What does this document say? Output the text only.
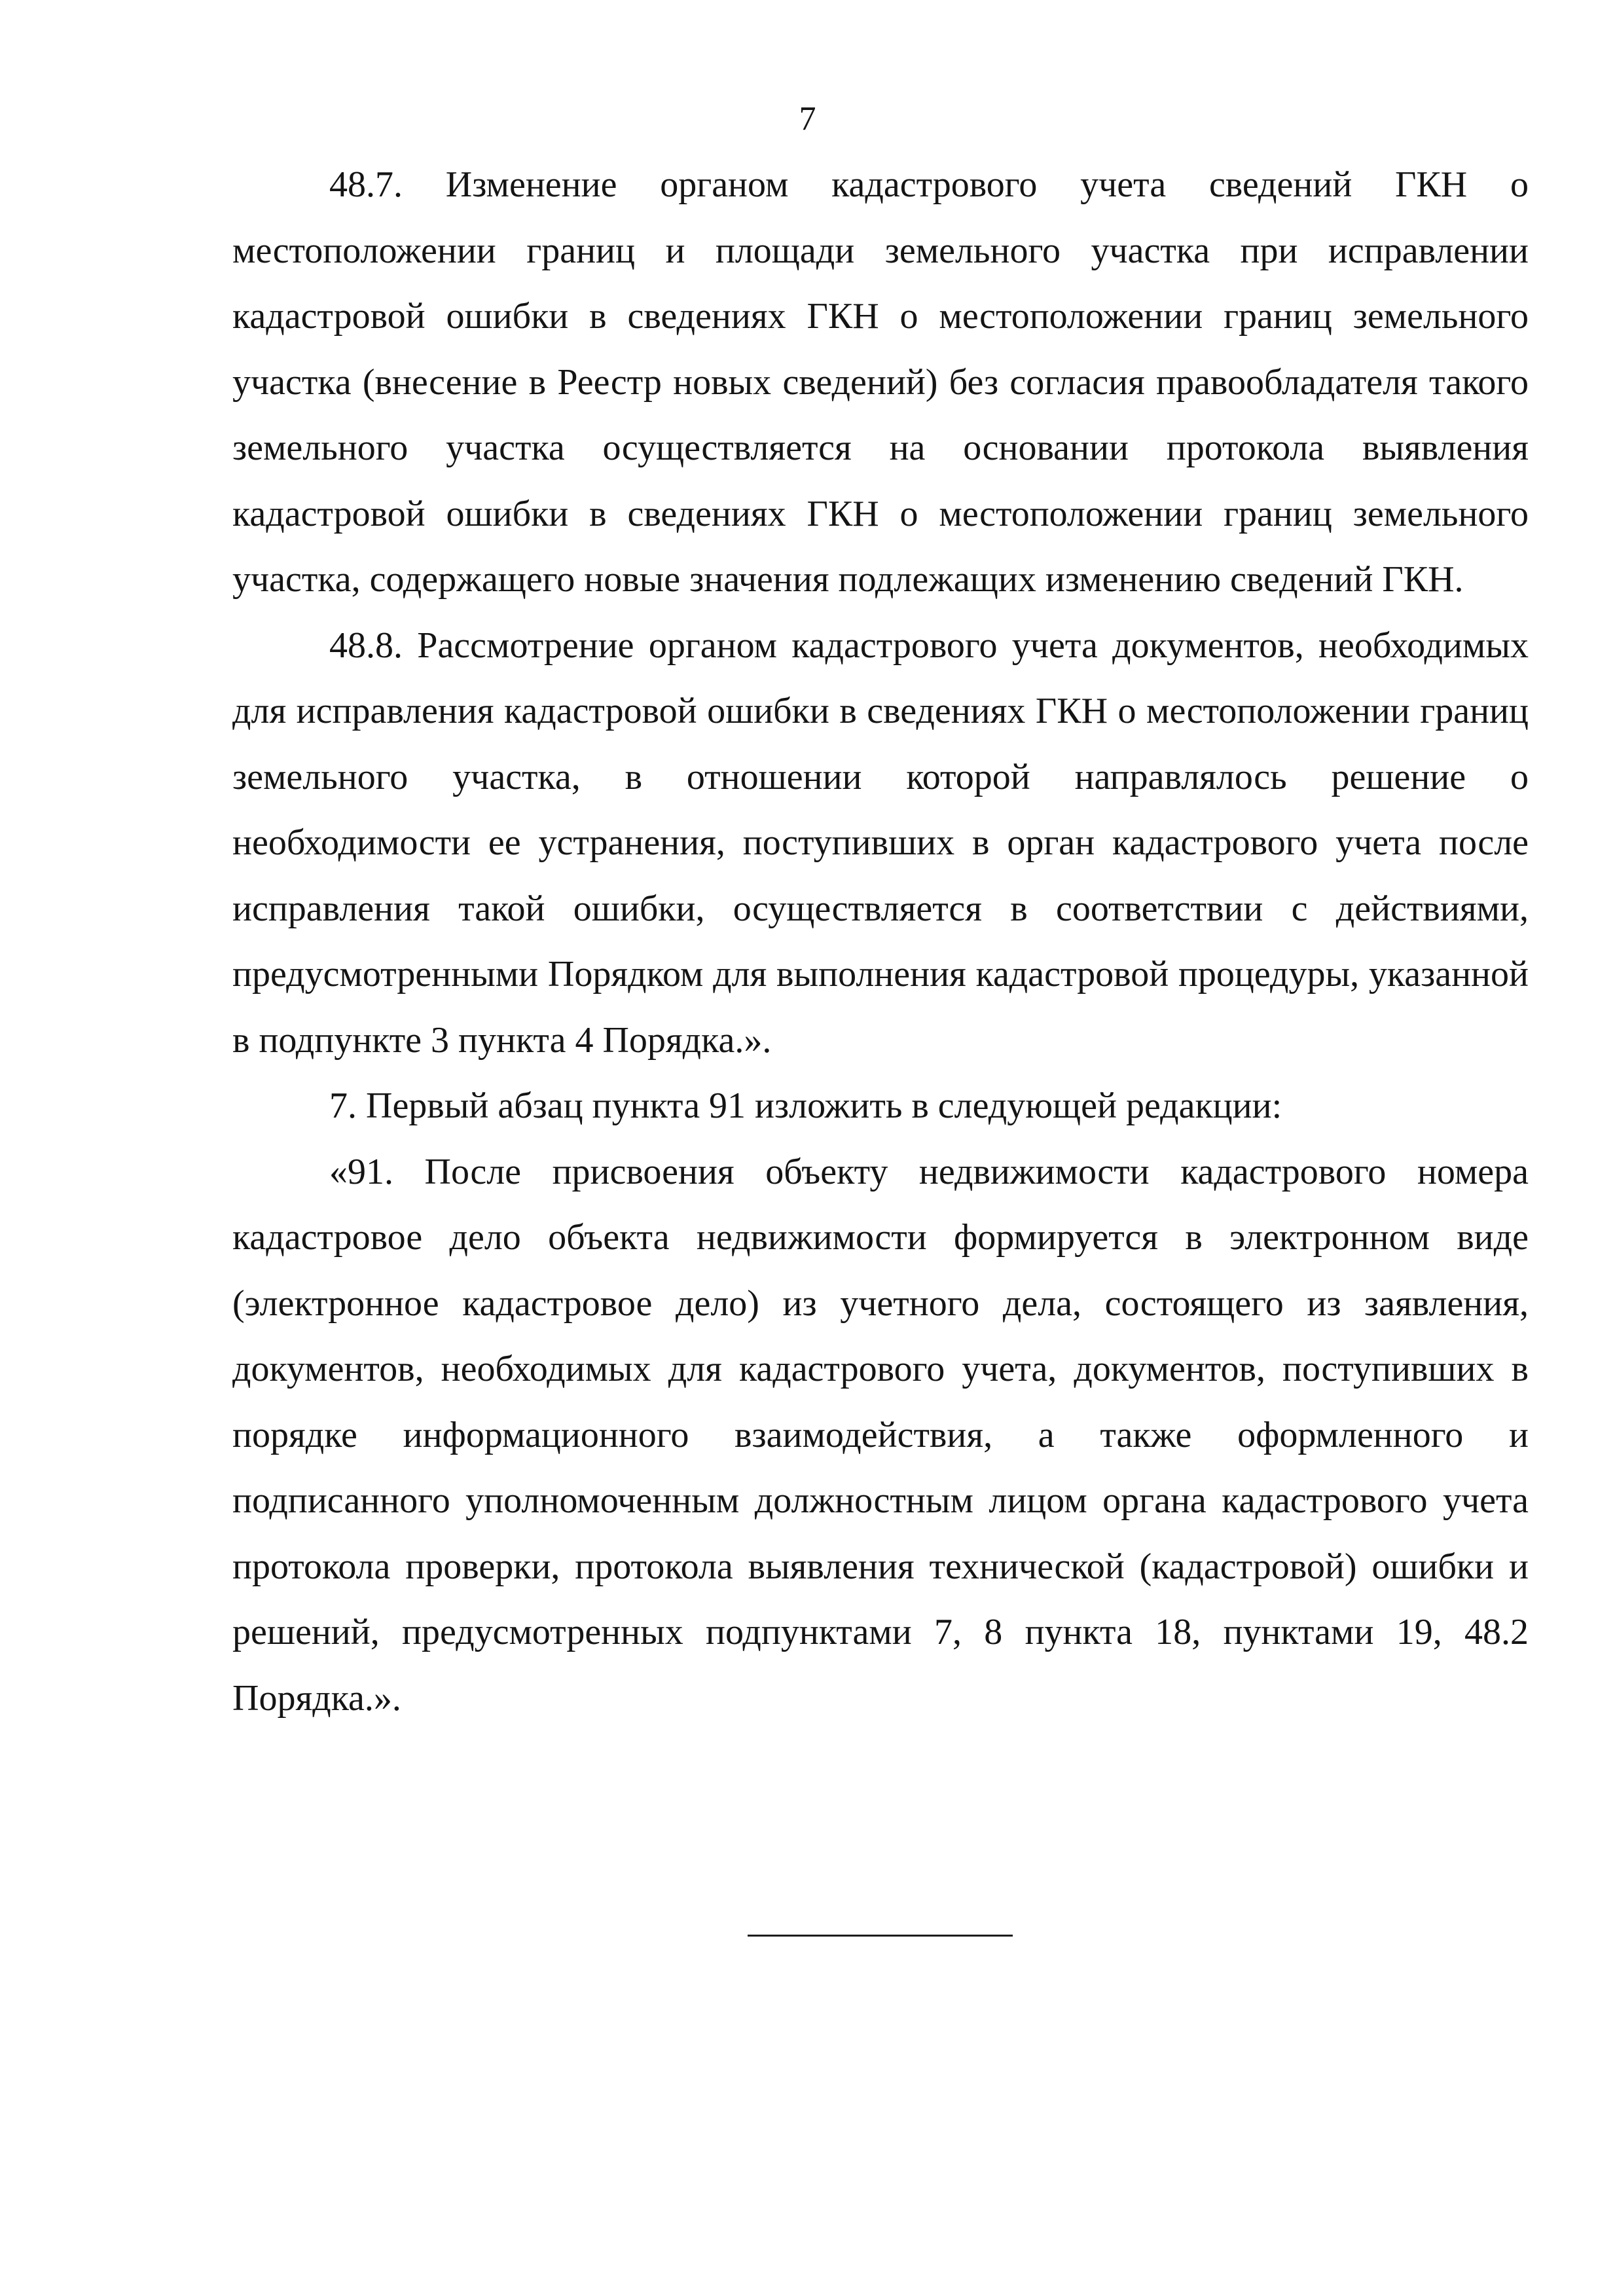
7

48.7. Изменение органом кадастрового учета сведений ГКН о местоположении границ и площади земельного участка при исправлении кадастровой ошибки в сведениях ГКН о местоположении границ земельного участка (внесение в Реестр новых сведений) без согласия правообладателя такого земельного участка осуществляется на основании протокола выявления кадастровой ошибки в сведениях ГКН о местоположении границ земельного участка, содержащего новые значения подлежащих изменению сведений ГКН.

48.8. Рассмотрение органом кадастрового учета документов, необходимых для исправления кадастровой ошибки в сведениях ГКН о местоположении границ земельного участка, в отношении которой направлялось решение о необходимости ее устранения, поступивших в орган кадастрового учета после исправления такой ошибки, осуществляется в соответствии с действиями, предусмотренными Порядком для выполнения кадастровой процедуры, указанной в подпункте 3 пункта 4 Порядка.».

7. Первый абзац пункта 91 изложить в следующей редакции:

«91. После присвоения объекту недвижимости кадастрового номера кадастровое дело объекта недвижимости формируется в электронном виде (электронное кадастровое дело) из учетного дела, состоящего из заявления, документов, необходимых для кадастрового учета, документов, поступивших в порядке информационного взаимодействия, а также оформленного и подписанного уполномоченным должностным лицом органа кадастрового учета протокола проверки, протокола выявления технической (кадастровой) ошибки и решений, предусмотренных подпунктами 7, 8 пункта 18, пунктами 19, 48.2 Порядка.».
